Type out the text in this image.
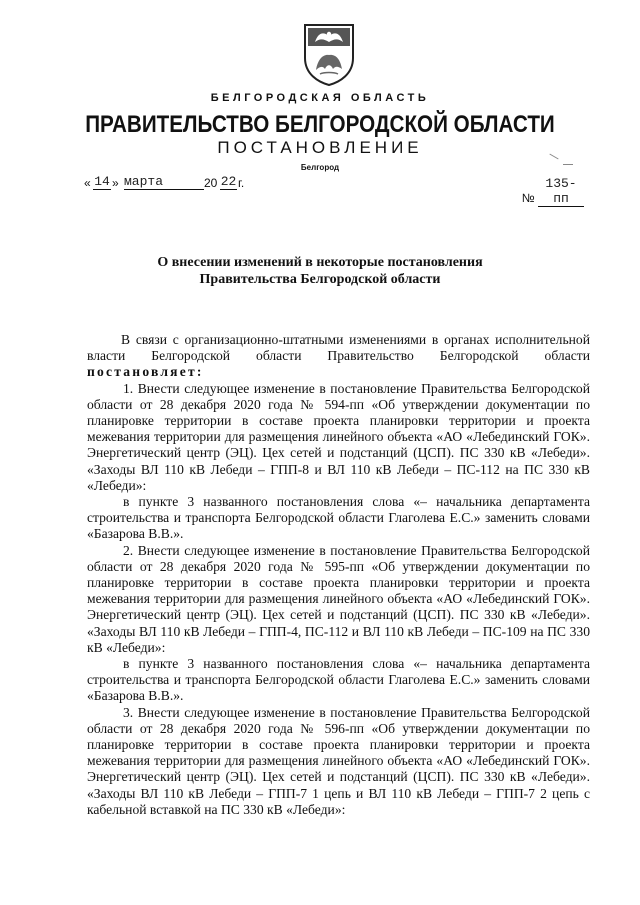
БЕЛГОРОДСКАЯ ОБЛАСТЬ
ПРАВИТЕЛЬСТВО БЕЛГОРОДСКОЙ ОБЛАСТИ
ПОСТАНОВЛЕНИЕ
Белгород
« 14 » марта	20 22 г.
№ 135-пп
О внесении изменений в некоторые постановления
Правительства Белгородской области

В связи с организационно-штатными изменениями в органах исполнительной власти Белгородской области Правительство Белгородской области постановляет:

1. Внести следующее изменение в постановление Правительства Белгородской области от 28 декабря 2020 года № 594-пп «Об утверждении документации по планировке территории в составе проекта планировки территории и проекта межевания территории для размещения линейного объекта «АО «Лебединский ГОК». Энергетический центр (ЭЦ). Цех сетей и подстанций (ЦСП). ПС 330 кВ «Лебеди». «Заходы ВЛ 110 кВ Лебеди – ГПП-8 и ВЛ 110 кВ Лебеди – ПС-112 на ПС 330 кВ «Лебеди»:

в пункте 3 названного постановления слова «– начальника департамента строительства и транспорта Белгородской области Глаголева Е.С.» заменить словами «Базарова В.В.».

2. Внести следующее изменение в постановление Правительства Белгородской области от 28 декабря 2020 года № 595-пп «Об утверждении документации по планировке территории в составе проекта планировки территории и проекта межевания территории для размещения линейного объекта «АО «Лебединский ГОК». Энергетический центр (ЭЦ). Цех сетей и подстанций (ЦСП). ПС 330 кВ «Лебеди». «Заходы ВЛ 110 кВ Лебеди – ГПП-4, ПС-112 и ВЛ 110 кВ Лебеди – ПС-109 на ПС 330 кВ «Лебеди»:

в пункте 3 названного постановления слова «– начальника департамента строительства и транспорта Белгородской области Глаголева Е.С.» заменить словами «Базарова В.В.».

3. Внести следующее изменение в постановление Правительства Белгородской области от 28 декабря 2020 года № 596-пп «Об утверждении документации по планировке территории в составе проекта планировки территории и проекта межевания территории для размещения линейного объекта «АО «Лебединский ГОК». Энергетический центр (ЭЦ). Цех сетей и подстанций (ЦСП). ПС 330 кВ «Лебеди». «Заходы ВЛ 110 кВ Лебеди – ГПП-7 1 цепь и ВЛ 110 кВ Лебеди – ГПП-7 2 цепь с кабельной вставкой на ПС 330 кВ «Лебеди»:
